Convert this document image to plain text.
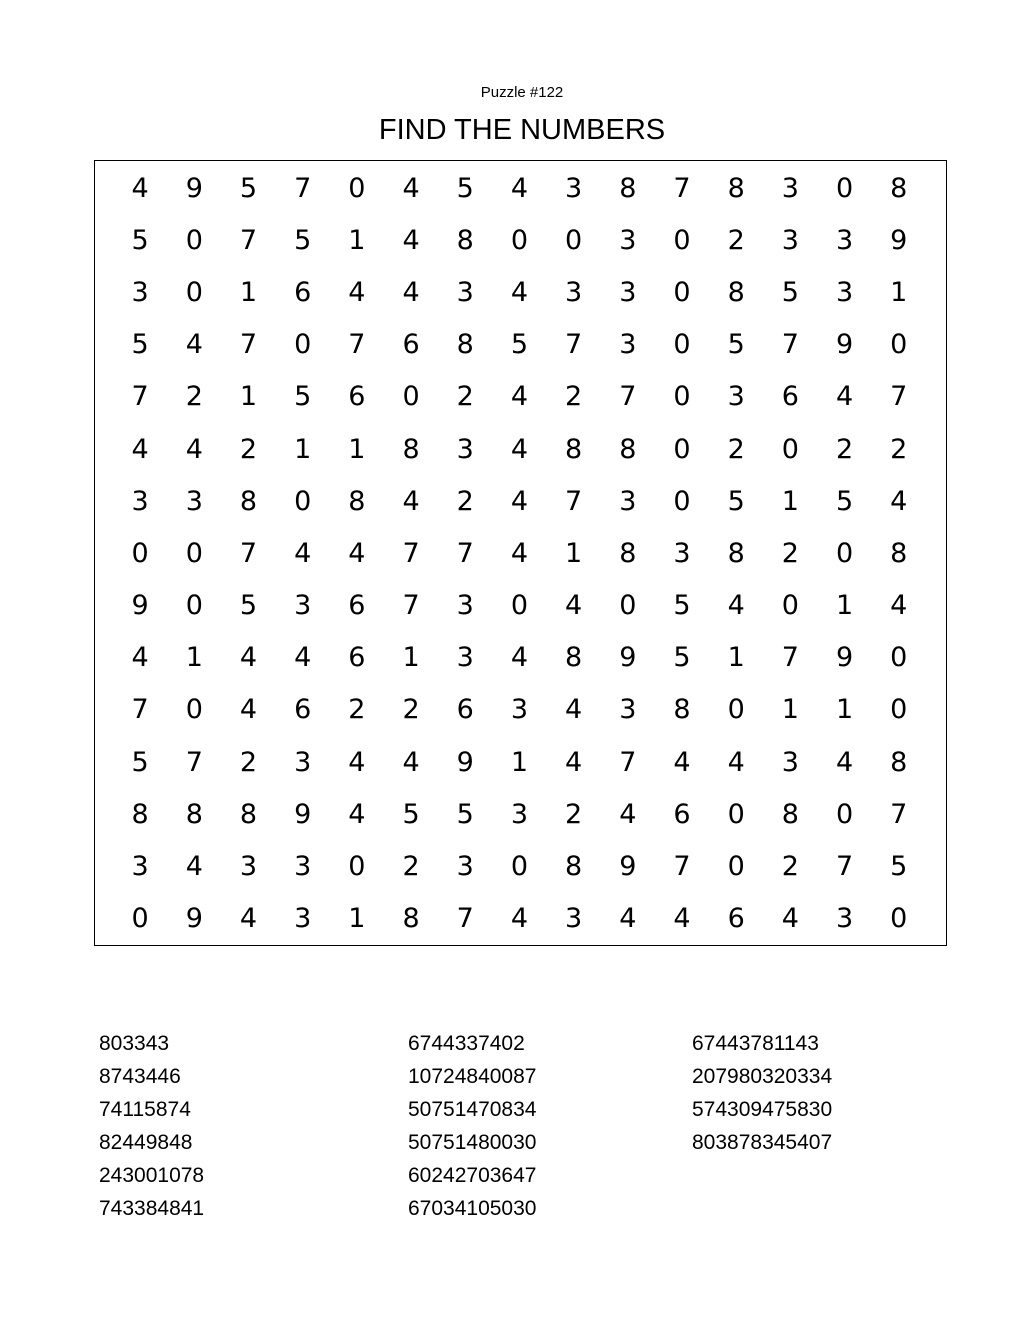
Puzzle #122
FIND THE NUMBERS
4	9	5	7	0	4	5	4	3	8	7	8	3	0	8
5	0	7	5	1	4	8	0	0	3	0	2	3	3	9
3	0	1	6	4	4	3	4	3	3	0	8	5	3	1
5	4	7	0	7	6	8	5	7	3	0	5	7	9	0
7	2	1	5	6	0	2	4	2	7	0	3	6	4	7
4	4	2	1	1	8	3	4	8	8	0	2	0	2	2
3	3	8	0	8	4	2	4	7	3	0	5	1	5	4
0	0	7	4	4	7	7	4	1	8	3	8	2	0	8
9	0	5	3	6	7	3	0	4	0	5	4	0	1	4
4	1	4	4	6	1	3	4	8	9	5	1	7	9	0
7	0	4	6	2	2	6	3	4	3	8	0	1	1	0
5	7	2	3	4	4	9	1	4	7	4	4	3	4	8
8	8	8	9	4	5	5	3	2	4	6	0	8	0	7
3	4	3	3	0	2	3	0	8	9	7	0	2	7	5
0	9	4	3	1	8	7	4	3	4	4	6	4	3	0
803343
8743446
74115874
82449848
243001078
743384841
6744337402
10724840087
50751470834
50751480030
60242703647
67034105030
67443781143
207980320334
574309475830
803878345407
